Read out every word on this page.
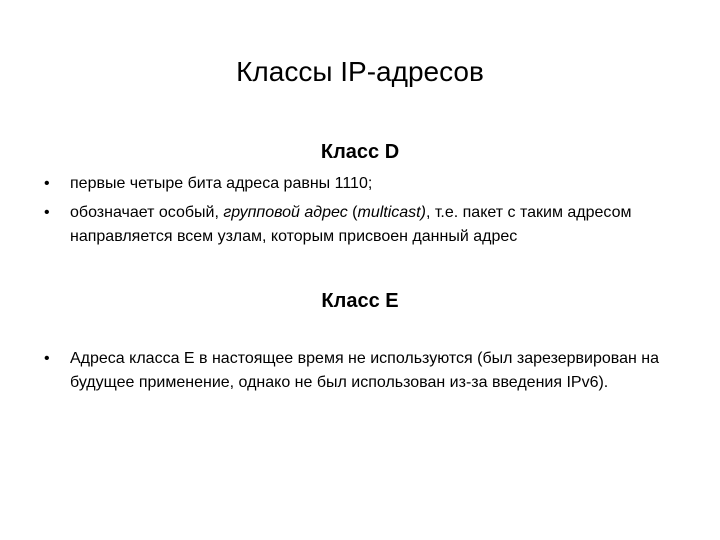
Классы IP-адресов
Класс D
•	первые четыре бита адреса равны 1110;
•	обозначает особый, групповой адрес (multicast), т.е. пакет с таким адресом направляется всем узлам, которым присвоен данный адрес
Класс E
•	Адреса класса E в настоящее время не используются (был зарезервирован на будущее применение, однако не был использован из-за введения IPv6).
